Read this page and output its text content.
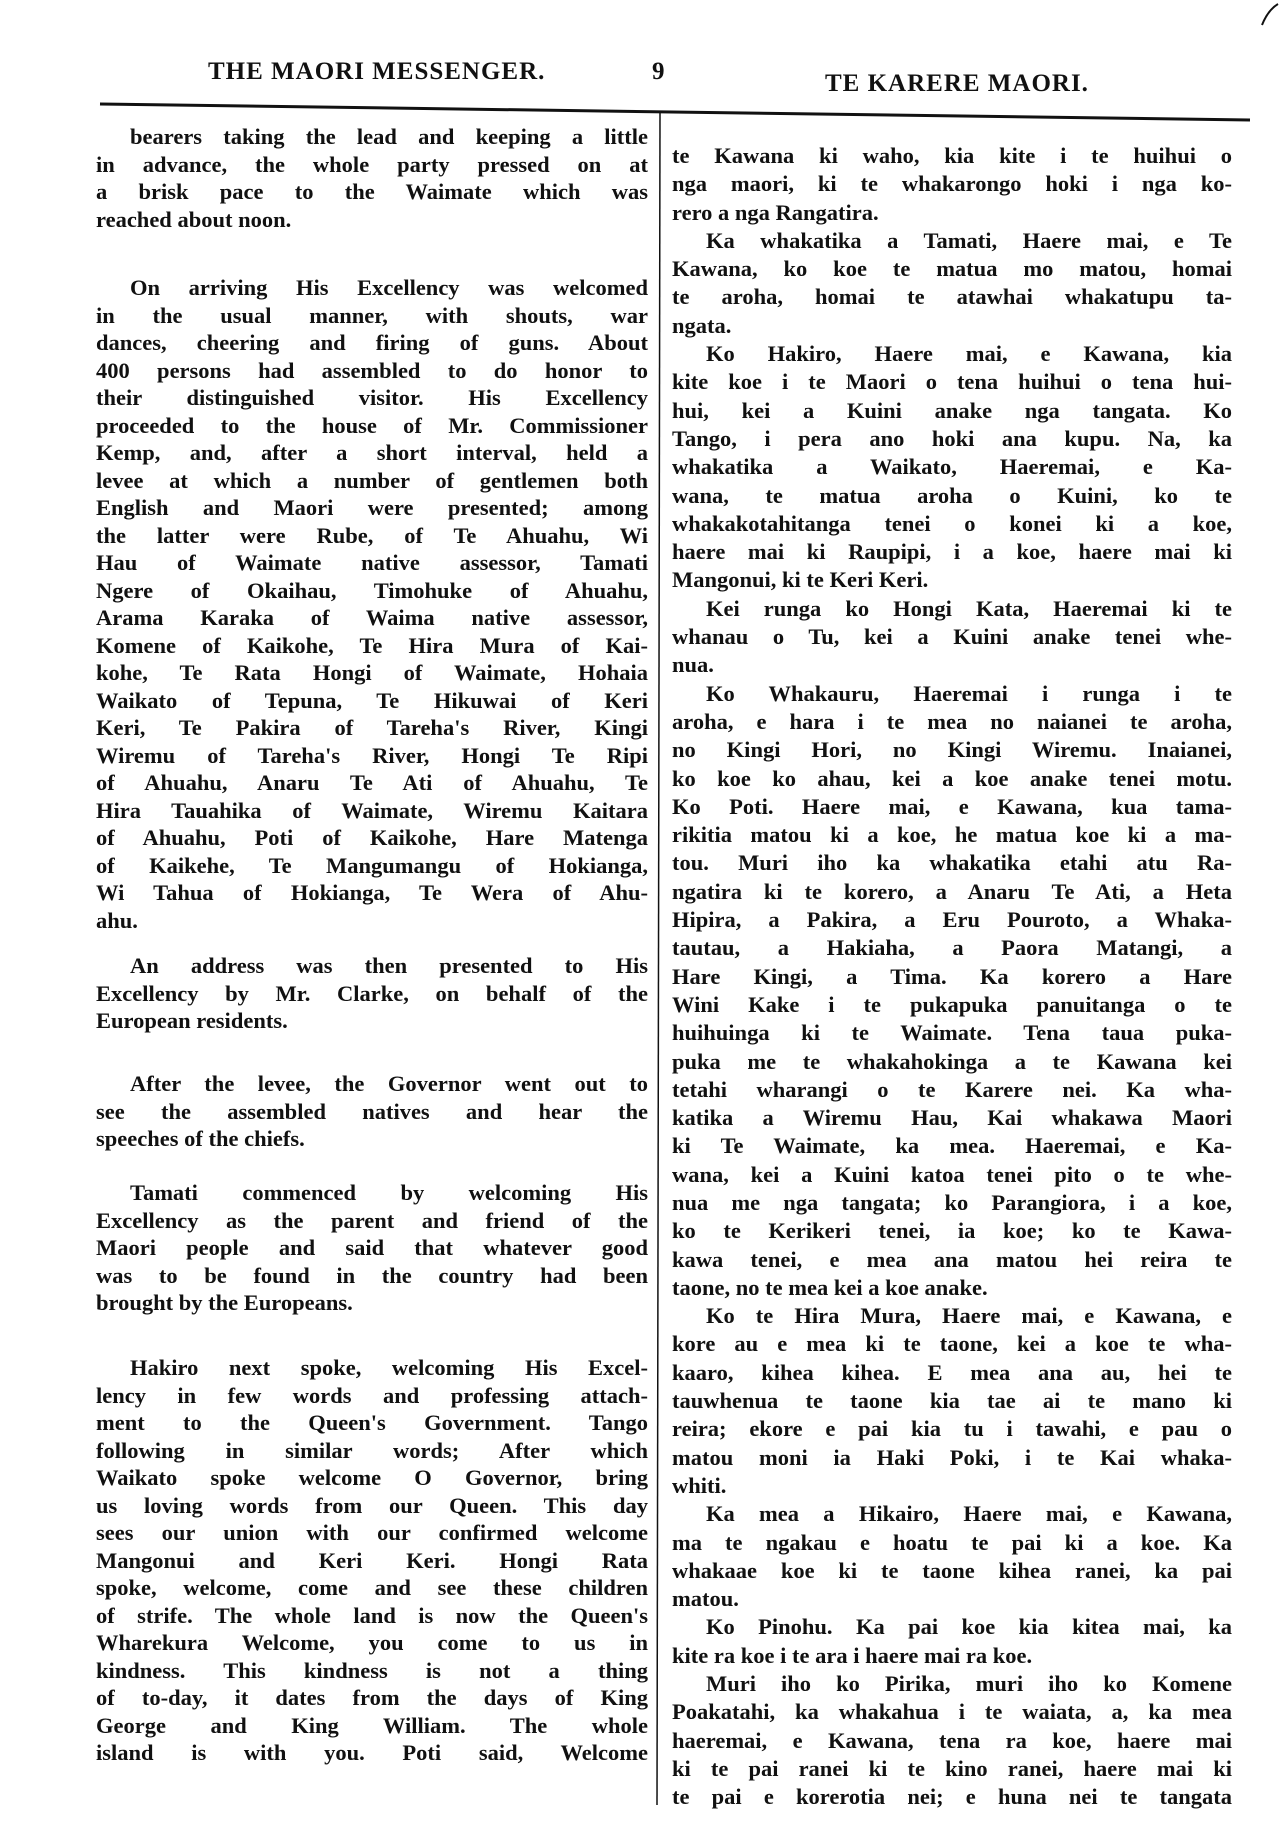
THE MAORI MESSENGER.	9	TE KARERE MAORI.
bearers taking the lead and keeping a little
in advance, the whole party pressed on at
a brisk pace to the Waimate which was
reached about noon.
On arriving His Excellency was welcomed
in the usual manner, with shouts, war
dances, cheering and firing of guns. About
400 persons had assembled to do honor to
their distinguished visitor. His Excellency
proceeded to the house of Mr. Commissioner
Kemp, and, after a short interval, held a
levee at which a number of gentlemen both
English and Maori were presented; among
the latter were Rube, of Te Ahuahu, Wi
Hau of Waimate native assessor, Tamati
Ngere of Okaihau, Timohuke of Ahuahu,
Arama Karaka of Waima native assessor,
Komene of Kaikohe, Te Hira Mura of Kai-
kohe, Te Rata Hongi of Waimate, Hohaia
Waikato of Tepuna, Te Hikuwai of Keri
Keri, Te Pakira of Tareha's River, Kingi
Wiremu of Tareha's River, Hongi Te Ripi
of Ahuahu, Anaru Te Ati of Ahuahu, Te
Hira Tauahika of Waimate, Wiremu Kaitara
of Ahuahu, Poti of Kaikohe, Hare Matenga
of Kaikehe, Te Mangumangu of Hokianga,
Wi Tahua of Hokianga, Te Wera of Ahu-
ahu.
An address was then presented to His
Excellency by Mr. Clarke, on behalf of the
European residents.
After the levee, the Governor went out to
see the assembled natives and hear the
speeches of the chiefs.
Tamati commenced by welcoming His
Excellency as the parent and friend of the
Maori people and said that whatever good
was to be found in the country had been
brought by the Europeans.
Hakiro next spoke, welcoming His Excel-
lency in few words and professing attach-
ment to the Queen's Government. Tango
following in similar words; After which
Waikato spoke welcome O Governor, bring
us loving words from our Queen. This day
sees our union with our confirmed welcome
Mangonui and Keri Keri. Hongi Rata
spoke, welcome, come and see these children
of strife. The whole land is now the Queen's
Wharekura Welcome, you come to us in
kindness. This kindness is not a thing
of to-day, it dates from the days of King
George and King William. The whole
island is with you. Poti said, Welcome
te Kawana ki waho, kia kite i te huihui o
nga maori, ki te whakarongo hoki i nga ko-
rero a nga Rangatira.
Ka whakatika a Tamati, Haere mai, e Te
Kawana, ko koe te matua mo matou, homai
te aroha, homai te atawhai whakatupu ta-
ngata.
Ko Hakiro, Haere mai, e Kawana, kia
kite koe i te Maori o tena huihui o tena hui-
hui, kei a Kuini anake nga tangata. Ko
Tango, i pera ano hoki ana kupu. Na, ka
whakatika a Waikato, Haeremai, e Ka-
wana, te matua aroha o Kuini, ko te
whakakotahitanga tenei o konei ki a koe,
haere mai ki Raupipi, i a koe, haere mai ki
Mangonui, ki te Keri Keri.
Kei runga ko Hongi Kata, Haeremai ki te
whanau o Tu, kei a Kuini anake tenei whe-
nua.
Ko Whakauru, Haeremai i runga i te
aroha, e hara i te mea no naianei te aroha,
no Kingi Hori, no Kingi Wiremu. Inaianei,
ko koe ko ahau, kei a koe anake tenei motu.
Ko Poti. Haere mai, e Kawana, kua tama-
rikitia matou ki a koe, he matua koe ki a ma-
tou. Muri iho ka whakatika etahi atu Ra-
ngatira ki te korero, a Anaru Te Ati, a Heta
Hipira, a Pakira, a Eru Pouroto, a Whaka-
tautau, a Hakiaha, a Paora Matangi, a
Hare Kingi, a Tima. Ka korero a Hare
Wini Kake i te pukapuka panuitanga o te
huihuinga ki te Waimate. Tena taua puka-
puka me te whakahokinga a te Kawana kei
tetahi wharangi o te Karere nei. Ka wha-
katika a Wiremu Hau, Kai whakawa Maori
ki Te Waimate, ka mea. Haeremai, e Ka-
wana, kei a Kuini katoa tenei pito o te whe-
nua me nga tangata; ko Parangiora, i a koe,
ko te Kerikeri tenei, ia koe; ko te Kawa-
kawa tenei, e mea ana matou hei reira te
taone, no te mea kei a koe anake.
Ko te Hira Mura, Haere mai, e Kawana, e
kore au e mea ki te taone, kei a koe te wha-
kaaro, kihea kihea. E mea ana au, hei te
tauwhenua te taone kia tae ai te mano ki
reira; ekore e pai kia tu i tawahi, e pau o
matou moni ia Haki Poki, i te Kai whaka-
whiti.
Ka mea a Hikairo, Haere mai, e Kawana,
ma te ngakau e hoatu te pai ki a koe. Ka
whakaae koe ki te taone kihea ranei, ka pai
matou.
Ko Pinohu. Ka pai koe kia kitea mai, ka
kite ra koe i te ara i haere mai ra koe.
Muri iho ko Pirika, muri iho ko Komene
Poakatahi, ka whakahua i te waiata, a, ka mea
haeremai, e Kawana, tena ra koe, haere mai
ki te pai ranei ki te kino ranei, haere mai ki
te pai e korerotia nei; e huna nei te tangata
